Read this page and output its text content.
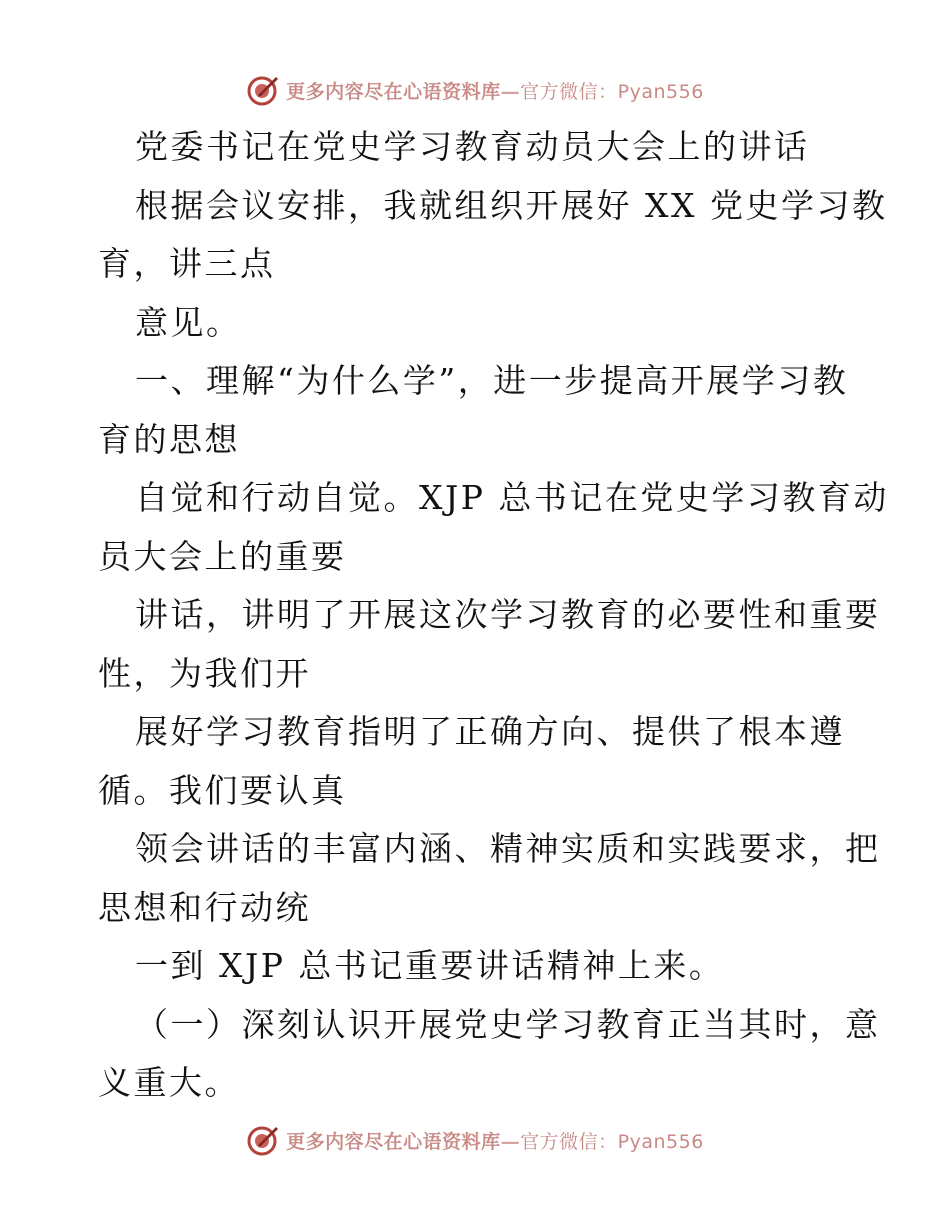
更多内容尽在心语资料库—官方微信：Pyan556
党委书记在党史学习教育动员大会上的讲话
根据会议安排，我就组织开展好 XX 党史学习教
育，讲三点
意见。
一、理解“为什么学”，进一步提高开展学习教
育的思想
自觉和行动自觉。XJP 总书记在党史学习教育动
员大会上的重要
讲话，讲明了开展这次学习教育的必要性和重要
性，为我们开
展好学习教育指明了正确方向、提供了根本遵
循。我们要认真
领会讲话的丰富内涵、精神实质和实践要求，把
思想和行动统
一到 XJP 总书记重要讲话精神上来。
（一）深刻认识开展党史学习教育正当其时，意
义重大。
更多内容尽在心语资料库—官方微信：Pyan556
